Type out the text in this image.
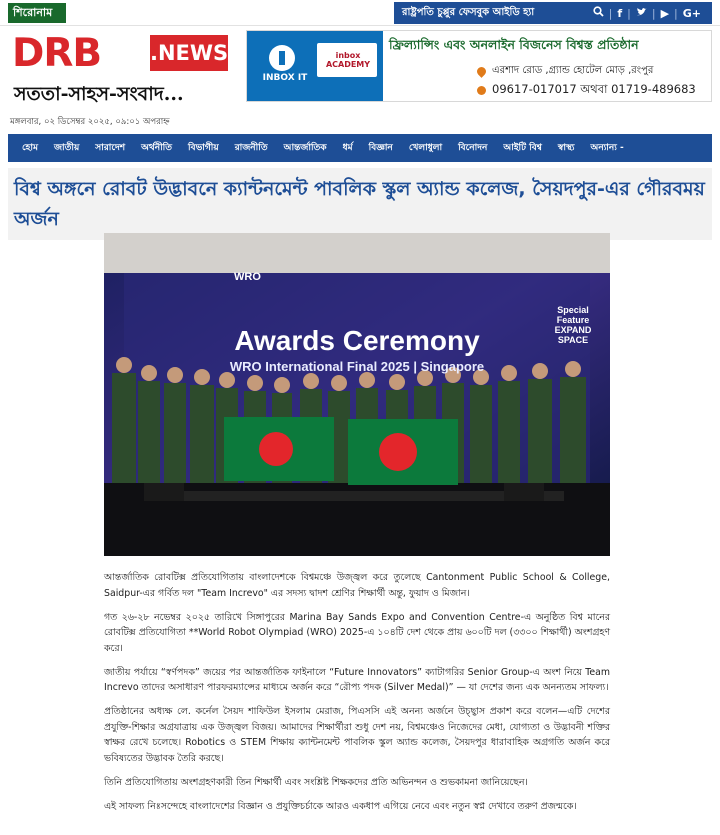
শিরোনাম	রাষ্ট্রপতি চুপ্পুর ফেসবুক আইডি হ্যা	| f | | ▶ | G+
DRB	.NEWS
সততা-সাহস-সংবাদ...
INBOX IT
inbox ACADEMY
ফ্রিল্যান্সিং এবং অনলাইন বিজনেস বিশ্বস্ত প্রতিষ্ঠান
এরশাদ রোড ,গ্র্যান্ড হোটেল মোড় ,রংপুর
09617-017017 অথবা 01719-489683
মঙ্গলবার, ০২ ডিসেম্বর ২০২৫, ০৯:০১ অপরাহ্ন
হোম	জাতীয়	সারাদেশ	অর্থনীতি	বিভাগীয়	রাজনীতি	আন্তর্জাতিক	ধর্ম	বিজ্ঞান	খেলাধুলা	বিনোদন	আইটি বিশ্ব	স্বাস্থ্য	অন্যান্য -
বিশ্ব অঙ্গনে রোবট উদ্ভাবনে ক্যান্টনমেন্ট পাবলিক স্কুল অ্যান্ড কলেজ, সৈয়দপুর-এর গৌরবময় অর্জন
WRO
Special Feature EXPAND SPACE
Awards Ceremony
WRO International Final 2025 | Singapore

আন্তর্জাতিক রোবটিক্স প্রতিযোগিতায় বাংলাদেশকে বিশ্বমঞ্চে উজ্জ্বল করে তুলেছে Cantonment Public School & College, Saidpur-এর গর্বিত দল "Team Increvo" এর সদস্য দ্বাদশ শ্রেণির শিক্ষার্থী অন্তু, ফুয়াদ ও মিজান।

গত ২৬-২৮ নভেম্বর ২০২৫ তারিখে সিঙ্গাপুরের Marina Bay Sands Expo and Convention Centre-এ অনুষ্ঠিত বিশ্ব মানের রোবটিক্স প্রতিযোগিতা **World Robot Olympiad (WRO) 2025-এ ১০৪টি দেশ থেকে প্রায় ৬০০টি দল (৩৩০০ শিক্ষার্থী) অংশগ্রহণ করে।

জাতীয় পর্যায়ে “স্বর্ণপদক” জয়ের পর আন্তর্জাতিক ফাইনালে “Future Innovators” ক্যাটাগরির Senior Group-এ অংশ নিয়ে Team Increvo তাদের অসাধারণ পারফরম্যান্সের মাধ্যমে অর্জন করে “রৌপ্য পদক (Silver Medal)” — যা দেশের জন্য এক অনন্যতম সাফল্য।

প্রতিষ্ঠানের অধ্যক্ষ লে. কর্নেল সৈয়দ শাফিউল ইসলাম মেরাজ, পিএসসি এই অনন্য অর্জনে উচ্ছ্বাস প্রকাশ করে বলেন—এটি দেশের প্রযুক্তি-শিক্ষার অগ্রযাত্রায় এক উজ্জ্বল বিজয়। আমাদের শিক্ষার্থীরা শুধু দেশ নয়, বিশ্বমঞ্চেও নিজেদের মেধা, যোগ্যতা ও উদ্ভাবনী শক্তির স্বাক্ষর রেখে চলেছে। Robotics ও STEM শিক্ষায় ক্যান্টনমেন্ট পাবলিক স্কুল অ্যান্ড কলেজ, সৈয়দপুর ধারাবাহিক অগ্রগতি অর্জন করে ভবিষ্যতের উদ্ভাবক তৈরি করছে।

তিনি প্রতিযোগিতায় অংশগ্রহণকারী তিন শিক্ষার্থী এবং সংশ্লিষ্ট শিক্ষকদের প্রতি অভিনন্দন ও শুভকামনা জানিয়েছেন।

এই সাফল্য নিঃসন্দেহে বাংলাদেশের বিজ্ঞান ও প্রযুক্তিচর্চাকে আরও একধাপ এগিয়ে নেবে এবং নতুন স্বপ্ন দেখাবে তরুণ প্রজন্মকে।
